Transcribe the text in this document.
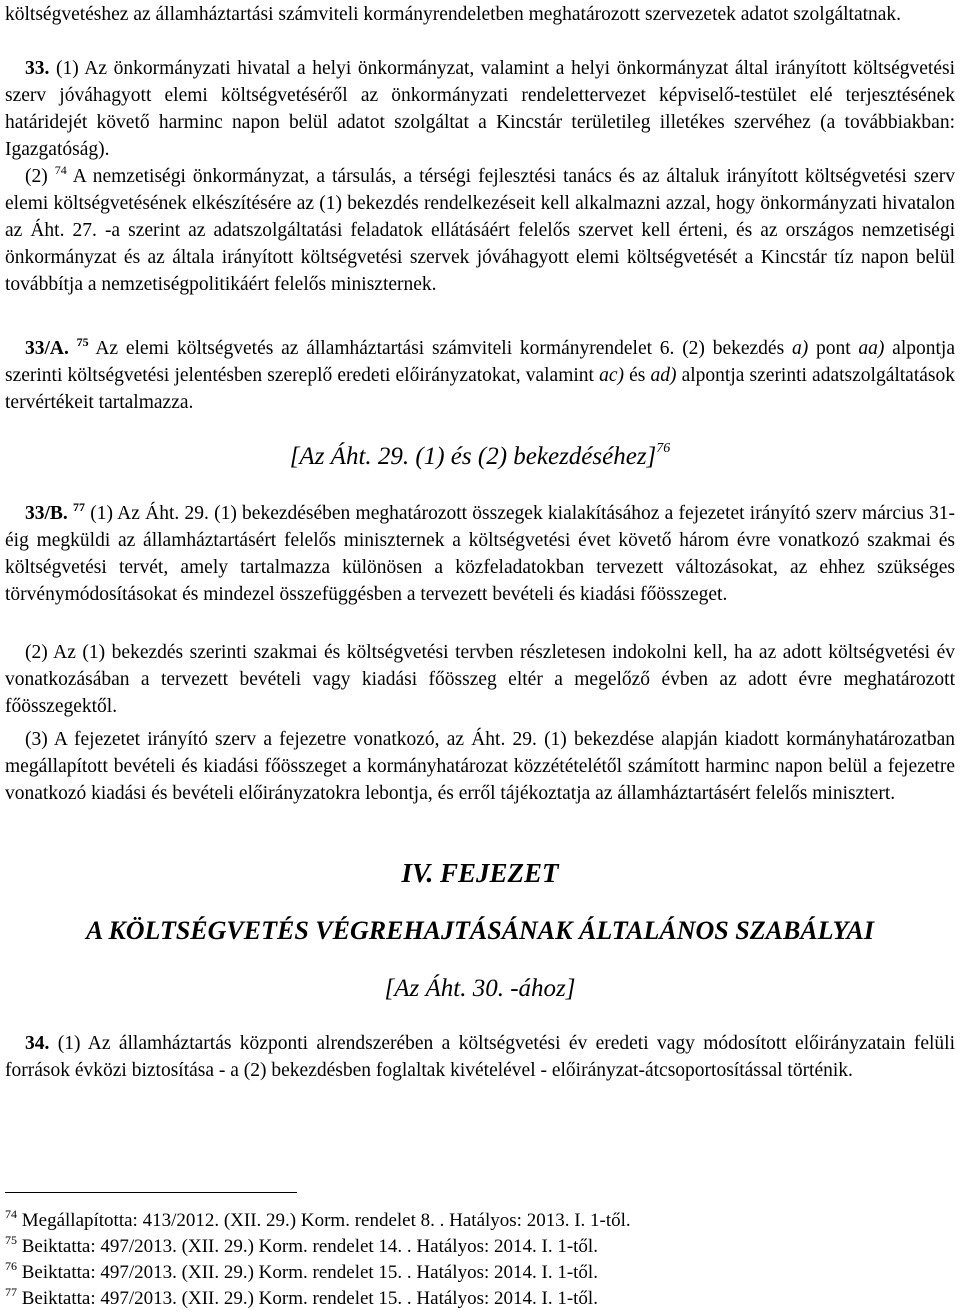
költségvetéshez az államháztartási számviteli kormányrendeletben meghatározott szervezetek adatot szolgáltatnak.

33. (1) Az önkormányzati hivatal a helyi önkormányzat, valamint a helyi önkormányzat által irányított költségvetési szerv jóváhagyott elemi költségvetéséről az önkormányzati rendelettervezet képviselő-testület elé terjesztésének határidejét követő harminc napon belül adatot szolgáltat a Kincstár területileg illetékes szervéhez (a továbbiakban: Igazgatóság).

(2) $^{74}$ A nemzetiségi önkormányzat, a társulás, a térségi fejlesztési tanács és az általuk irányított költségvetési szerv elemi költségvetésének elkészítésére az (1) bekezdés rendelkezéseit kell alkalmazni azzal, hogy önkormányzati hivatalon az Áht. 27. -a szerint az adatszolgáltatási feladatok ellátásáért felelős szervet kell érteni, és az országos nemzetiségi önkormányzat és az általa irányított költségvetési szervek jóváhagyott elemi költségvetését a Kincstár tíz napon belül továbbítja a nemzetiségpolitikáért felelős miniszternek.

33/A. $^{75}$ Az elemi költségvetés az államháztartási számviteli kormányrendelet 6. (2) bekezdés a) pont aa) alpontja szerinti költségvetési jelentésben szereplő eredeti előirányzatokat, valamint ac) és ad) alpontja szerinti adatszolgáltatások tervértékeit tartalmazza.

[Az Áht. 29. (1) és (2) bekezdéséhez]$^{76}$

33/B. $^{77}$ (1) Az Áht. 29. (1) bekezdésében meghatározott összegek kialakításához a fejezetet irányító szerv március 31-éig megküldi az államháztartásért felelős miniszternek a költségvetési évet követő három évre vonatkozó szakmai és költségvetési tervét, amely tartalmazza különösen a közfeladatokban tervezett változásokat, az ehhez szükséges törvénymódosításokat és mindezel összefüggésben a tervezett bevételi és kiadási főösszeget.

(2) Az (1) bekezdés szerinti szakmai és költségvetési tervben részletesen indokolni kell, ha az adott költségvetési év vonatkozásában a tervezett bevételi vagy kiadási főösszeg eltér a megelőző évben az adott évre meghatározott főösszegektől.

(3) A fejezetet irányító szerv a fejezetre vonatkozó, az Áht. 29. (1) bekezdése alapján kiadott kormányhatározatban megállapított bevételi és kiadási főösszeget a kormányhatározat közzétételétől számított harminc napon belül a fejezetre vonatkozó kiadási és bevételi előirányzatokra lebontja, és erről tájékoztatja az államháztartásért felelős minisztert.

IV. FEJEZET

A KÖLTSÉGVETÉS VÉGREHAJTÁSÁNAK ÁLTALÁNOS SZABÁLYAI

[Az Áht. 30. -ához]

34. (1) Az államháztartás központi alrendszerében a költségvetési év eredeti vagy módosított előirányzatain felüli források évközi biztosítása - a (2) bekezdésben foglaltak kivételével - előirányzat-átcsoportosítással történik.

$^{74}$ Megállapította: 413/2012. (XII. 29.) Korm. rendelet 8. . Hatályos: 2013. I. 1-től.

$^{75}$ Beiktatta: 497/2013. (XII. 29.) Korm. rendelet 14. . Hatályos: 2014. I. 1-től.

$^{76}$ Beiktatta: 497/2013. (XII. 29.) Korm. rendelet 15. . Hatályos: 2014. I. 1-től.

$^{77}$ Beiktatta: 497/2013. (XII. 29.) Korm. rendelet 15. . Hatályos: 2014. I. 1-től.
